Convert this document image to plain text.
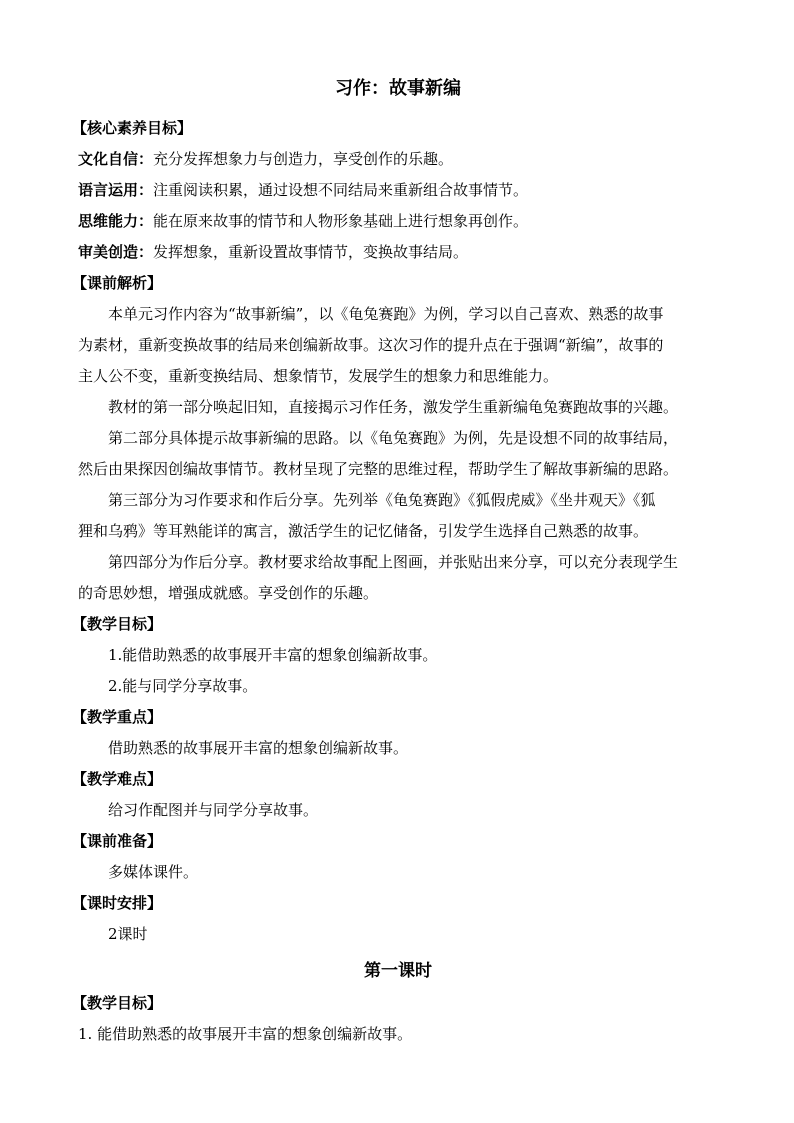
习作：故事新编
【核心素养目标】
文化自信：充分发挥想象力与创造力，享受创作的乐趣。
语言运用：注重阅读积累，通过设想不同结局来重新组合故事情节。
思维能力：能在原来故事的情节和人物形象基础上进行想象再创作。
审美创造：发挥想象，重新设置故事情节，变换故事结局。
【课前解析】
本单元习作内容为“故事新编”，以《龟兔赛跑》为例，学习以自己喜欢、熟悉的故事
为素材，重新变换故事的结局来创编新故事。这次习作的提升点在于强调“新编”，故事的
主人公不变，重新变换结局、想象情节，发展学生的想象力和思维能力。
教材的第一部分唤起旧知，直接揭示习作任务，激发学生重新编龟兔赛跑故事的兴趣。
第二部分具体提示故事新编的思路。以《龟兔赛跑》为例，先是设想不同的故事结局，
然后由果探因创编故事情节。教材呈现了完整的思维过程，帮助学生了解故事新编的思路。
第三部分为习作要求和作后分享。先列举《龟兔赛跑》《狐假虎威》《坐井观天》《狐
狸和乌鸦》等耳熟能详的寓言，激活学生的记忆储备，引发学生选择自己熟悉的故事。
第四部分为作后分享。教材要求给故事配上图画，并张贴出来分享，可以充分表现学生
的奇思妙想，增强成就感。享受创作的乐趣。
【教学目标】
1.能借助熟悉的故事展开丰富的想象创编新故事。
2.能与同学分享故事。
【教学重点】
借助熟悉的故事展开丰富的想象创编新故事。
【教学难点】
给习作配图并与同学分享故事。
【课前准备】
多媒体课件。
【课时安排】
2课时
第一课时
【教学目标】
1. 能借助熟悉的故事展开丰富的想象创编新故事。
